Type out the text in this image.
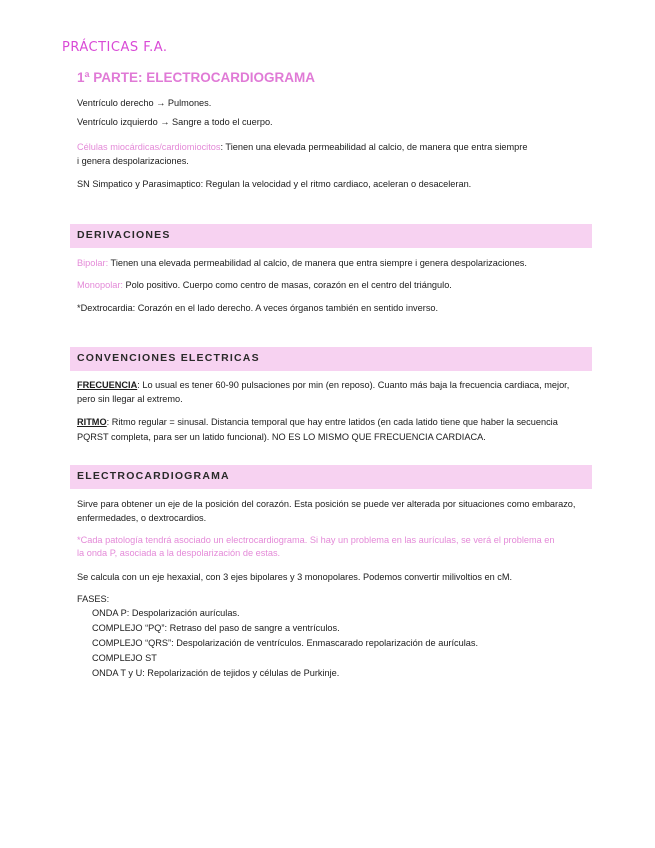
PRÁCTICAS F.A.
1ª PARTE: ELECTROCARDIOGRAMA
Ventrículo derecho → Pulmones.
Ventrículo izquierdo → Sangre a todo el cuerpo.
Células miocárdicas/cardiomiocitos: Tienen una elevada permeabilidad al calcio, de manera que entra siempre
i genera despolarizaciones.
SN Simpatico y Parasimaptico: Regulan la velocidad y el ritmo cardiaco, aceleran o desaceleran.
DERIVACIONES
Bipolar: Tienen una elevada permeabilidad al calcio, de manera que entra siempre i genera despolarizaciones.
Monopolar: Polo positivo. Cuerpo como centro de masas, corazón en el centro del triángulo.
*Dextrocardia: Corazón en el lado derecho. A veces órganos también en sentido inverso.
CONVENCIONES ELECTRICAS
FRECUENCIA: Lo usual es tener 60-90 pulsaciones por min (en reposo). Cuanto más baja la frecuencia cardiaca, mejor,
pero sin llegar al extremo.
RITMO: Ritmo regular = sinusal. Distancia temporal que hay entre latidos (en cada latido tiene que haber la secuencia
PQRST completa, para ser un latido funcional). NO ES LO MISMO QUE FRECUENCIA CARDIACA.
ELECTROCARDIOGRAMA
Sirve para obtener un eje de la posición del corazón. Esta posición se puede ver alterada por situaciones como embarazo,
enfermedades, o dextrocardios.
*Cada patología tendrá asociado un electrocardiograma. Si hay un problema en las aurículas, se verá el problema en
la onda P, asociada a la despolarización de estas.
Se calcula con un eje hexaxial, con 3 ejes bipolares y 3 monopolares. Podemos convertir milivoltios en cM.
FASES:
ONDA P: Despolarización aurículas.
COMPLEJO “PQ”: Retraso del paso de sangre a ventrículos.
COMPLEJO “QRS”: Despolarización de ventrículos. Enmascarado repolarización de aurículas.
COMPLEJO ST
ONDA T y U: Repolarización de tejidos y células de Purkinje.
